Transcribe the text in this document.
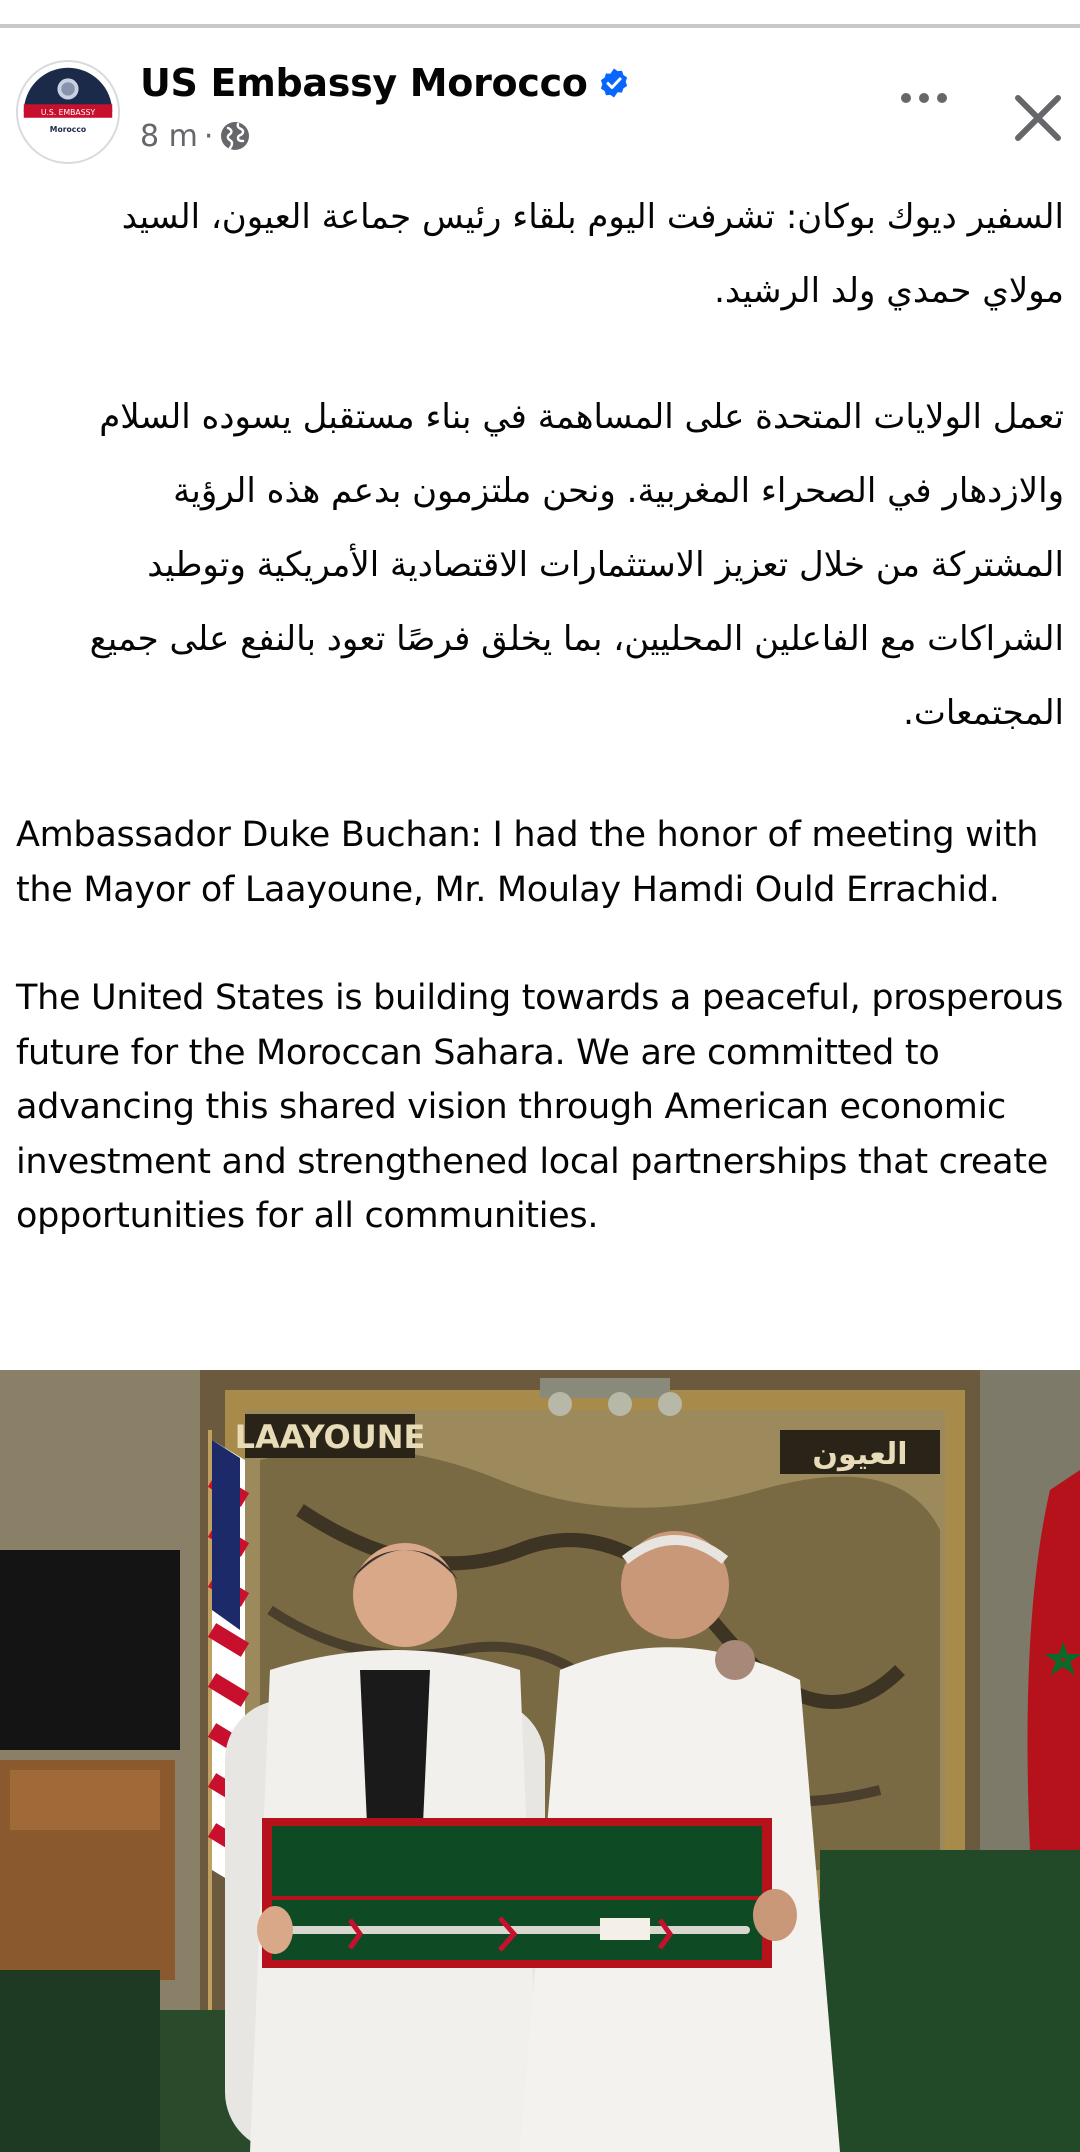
U.S. EMBASSY
Morocco
US Embassy Morocco
8 m ·

السفير ديوك بوكان: تشرفت اليوم بلقاء رئيس جماعة العيون، السيد مولاي حمدي ولد الرشيد.

تعمل الولايات المتحدة على المساهمة في بناء مستقبل يسوده السلام والازدهار في الصحراء المغربية. ونحن ملتزمون بدعم هذه الرؤية المشتركة من خلال تعزيز الاستثمارات الاقتصادية الأمريكية وتوطيد الشراكات مع الفاعلين المحليين، بما يخلق فرصًا تعود بالنفع على جميع المجتمعات.

Ambassador Duke Buchan: I had the honor of meeting with the Mayor of Laayoune, Mr. Moulay Hamdi Ould Errachid.

The United States is building towards a peaceful, prosperous future for the Moroccan Sahara. We are committed to advancing this shared vision through American economic investment and strengthened local partnerships that create opportunities for all communities.

LAAYOUNE	العيون
